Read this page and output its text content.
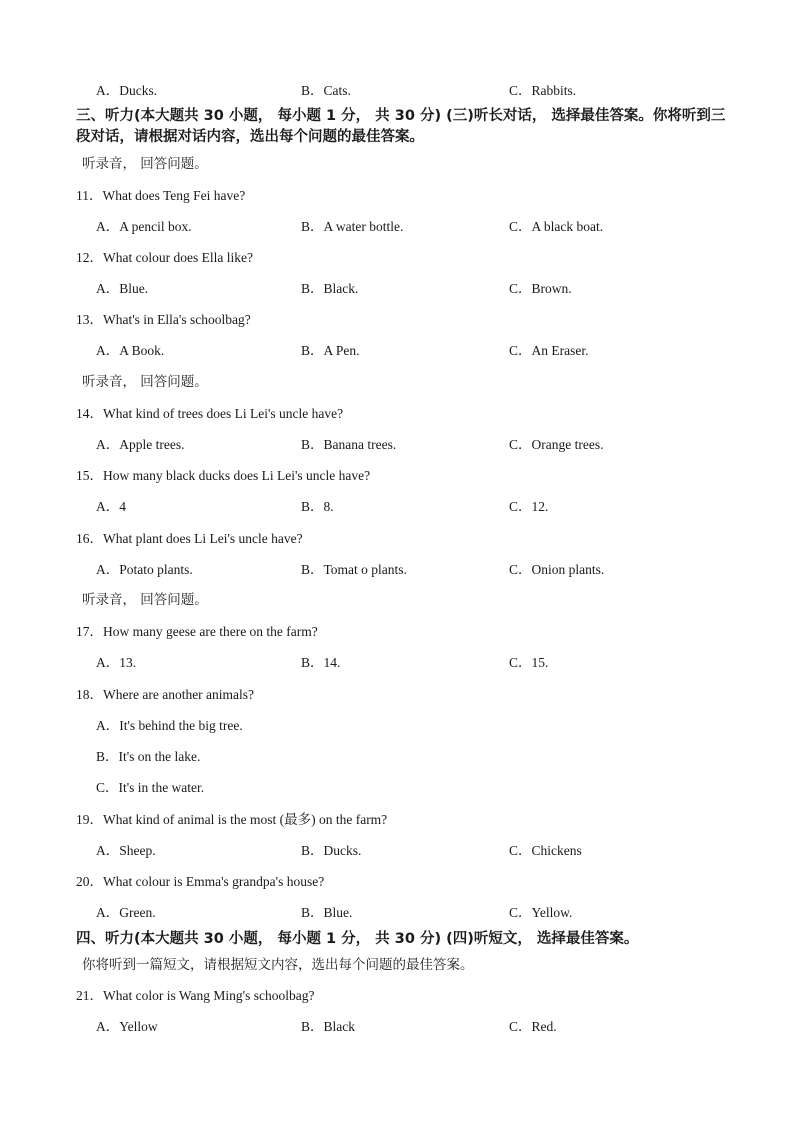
A．Ducks.	B．Cats.	C．Rabbits.
三、听力(本大题共 30 小题， 每小题 1 分， 共 30 分) (三)听长对话， 选择最佳答案。你将听到三段对话，请根据对话内容，选出每个问题的最佳答案。
听录音， 回答问题。
11．What does Teng Fei have?
A．A pencil box.	B．A water bottle.	C．A black boat.
12．What colour does Ella like?
A．Blue.	B．Black.	C．Brown.
13．What's in Ella's schoolbag?
A．A Book.	B．A Pen.	C．An Eraser.
听录音， 回答问题。
14．What kind of trees does Li Lei's uncle have?
A．Apple trees.	B．Banana trees.	C．Orange trees.
15．How many black ducks does Li Lei's uncle have?
A．4	B．8.	C．12.
16．What plant does Li Lei's uncle have?
A．Potato plants.	B．Tomat o plants.	C．Onion plants.
听录音， 回答问题。
17．How many geese are there on the farm?
A．13.	B．14.	C．15.
18．Where are another animals?
A．It's behind the big tree.
B．It's on the lake.
C．It's in the water.
19．What kind of animal is the most (最多) on the farm?
A．Sheep.	B．Ducks.	C．Chickens
20．What colour is Emma's grandpa's house?
A．Green.	B．Blue.	C．Yellow.
四、听力(本大题共 30 小题， 每小题 1 分， 共 30 分) (四)听短文， 选择最佳答案。
你将听到一篇短文，请根据短文内容，选出每个问题的最佳答案。
21．What color is Wang Ming's schoolbag?
A．Yellow	B．Black	C．Red.
